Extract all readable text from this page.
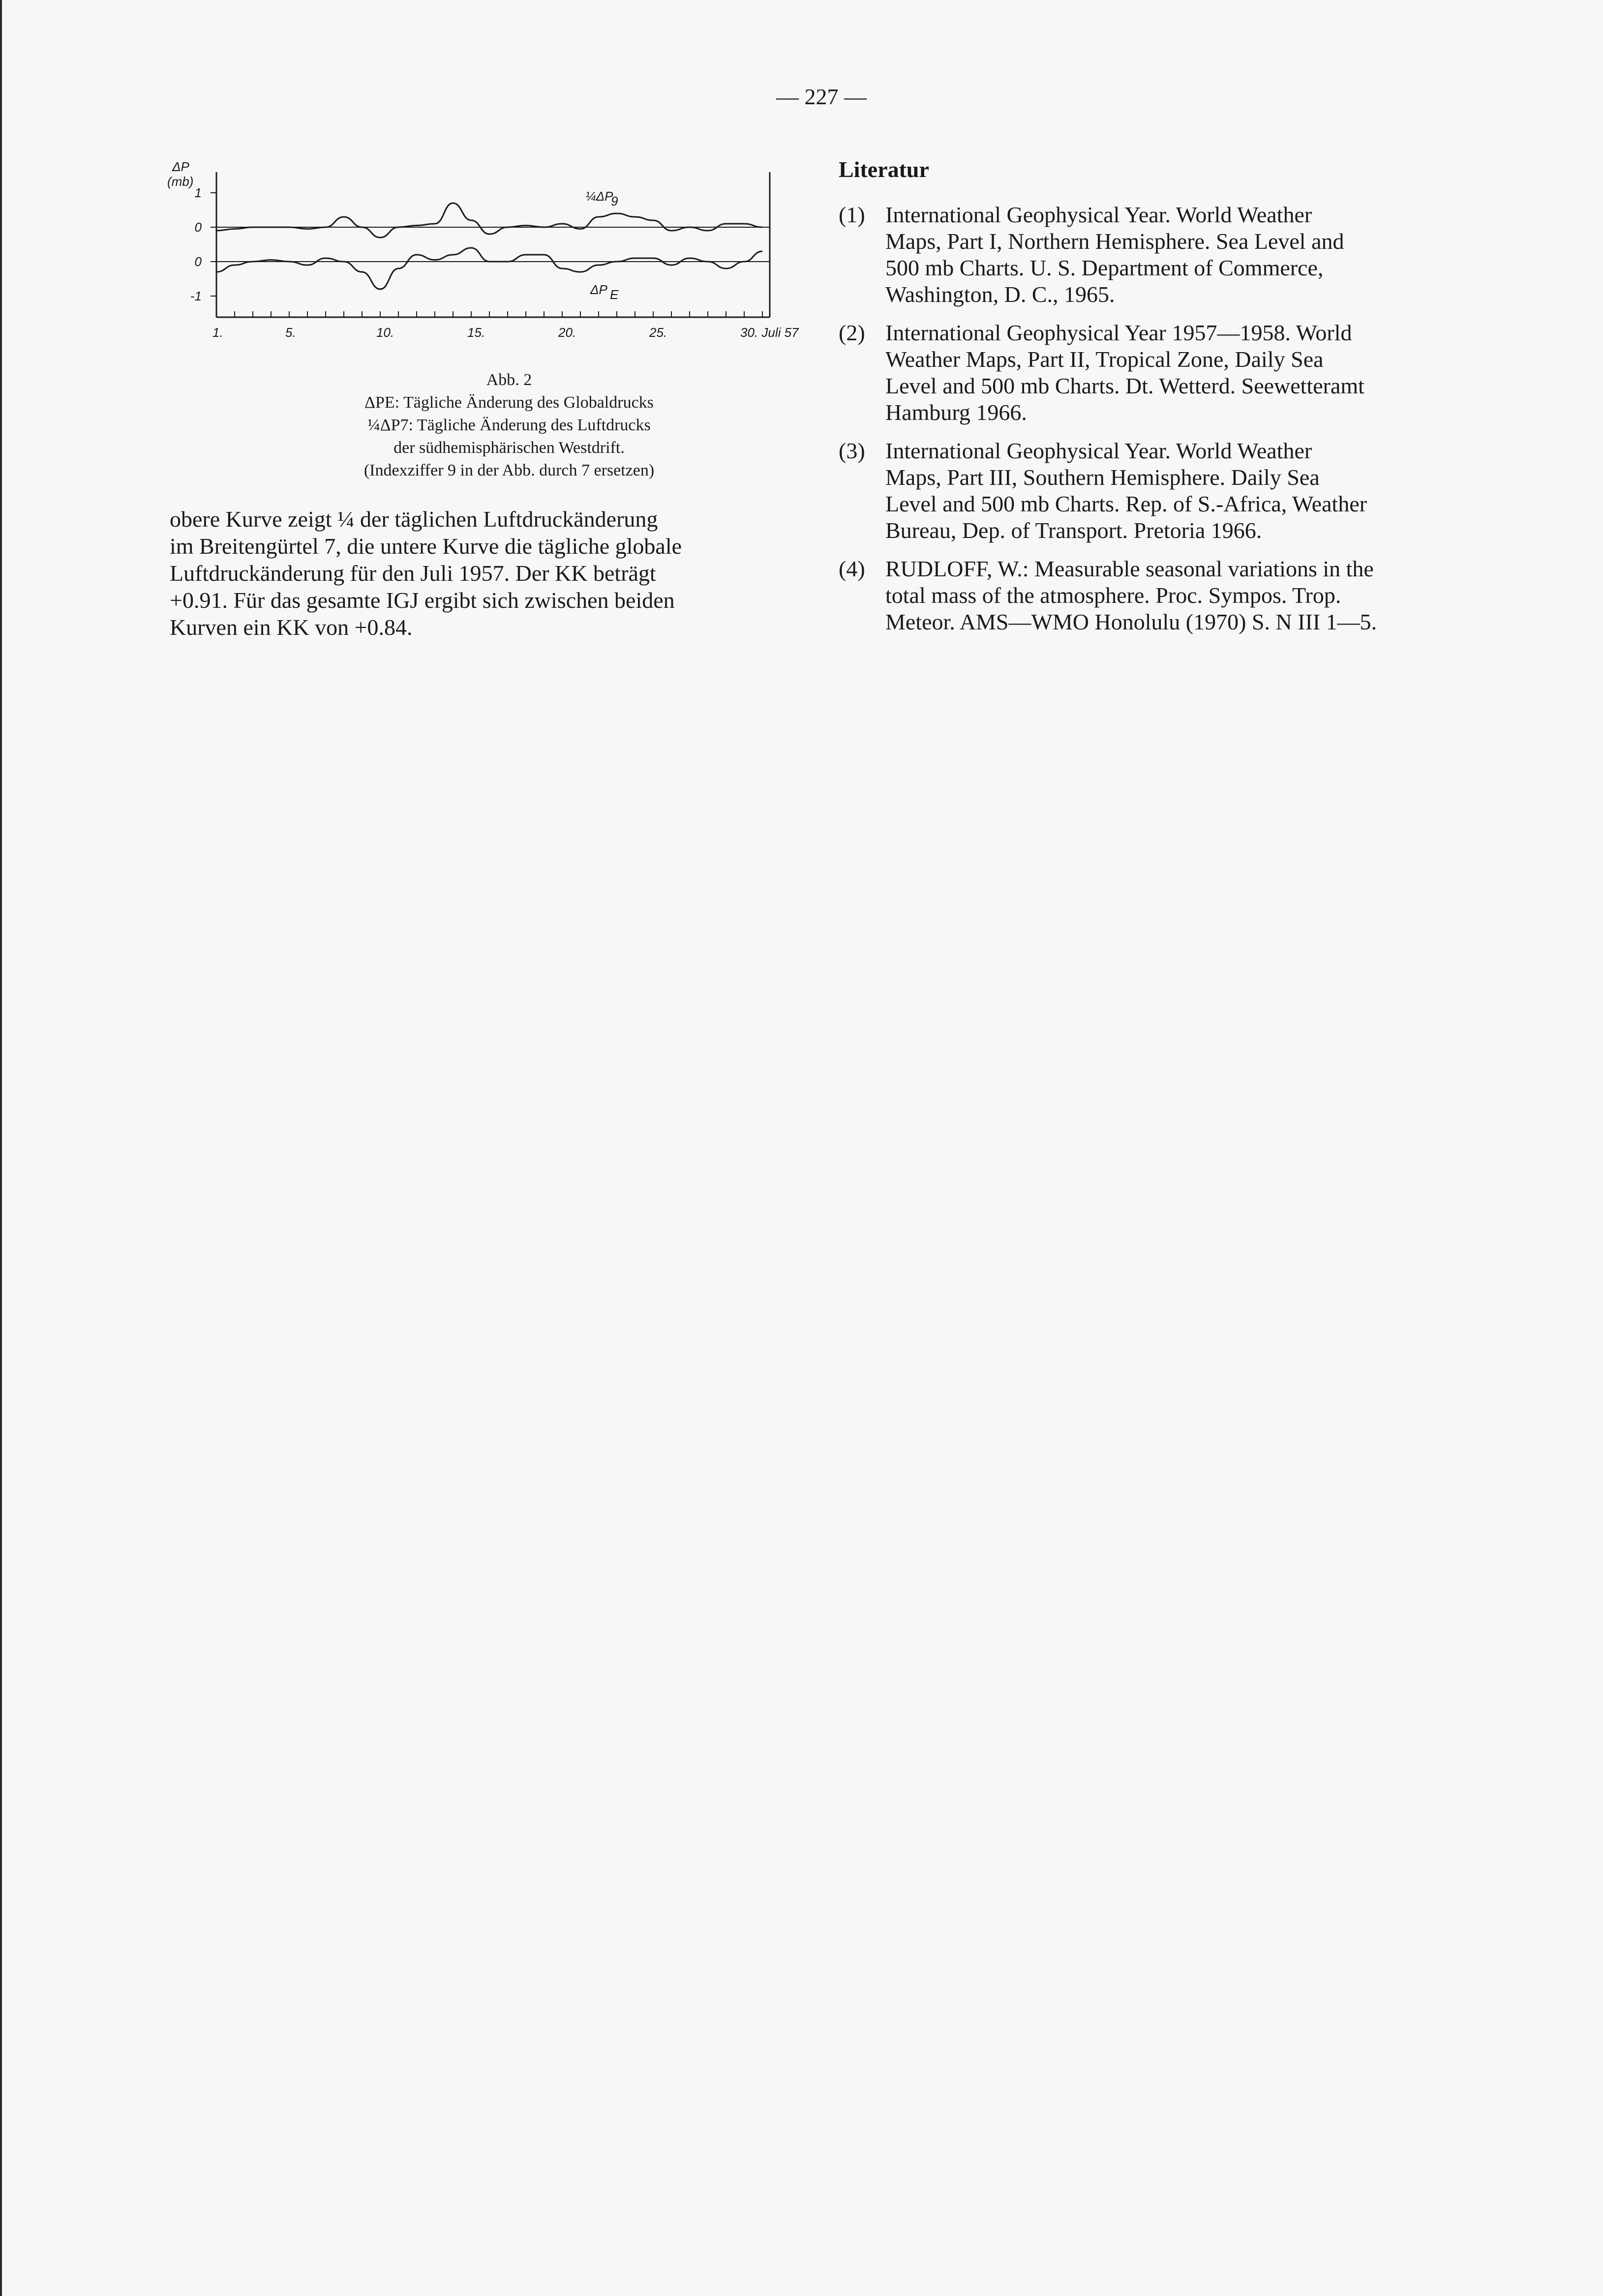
— 227 —
1
0
0
-1
1.	5.	10.	15.	20.	25.	30. Juli 57
ΔP
(mb)
¼ΔP
9
ΔP E
Abb. 2
ΔPE: Tägliche Änderung des Globaldrucks
¼ΔP7: Tägliche Änderung des Luftdrucks
der südhemisphärischen Westdrift.
(Indexziffer 9 in der Abb. durch 7 ersetzen)
obere Kurve zeigt ¼ der täglichen Luftdruckänderung
im Breitengürtel 7, die untere Kurve die tägliche globale
Luftdruckänderung für den Juli 1957. Der KK beträgt
+0.91. Für das gesamte IGJ ergibt sich zwischen beiden
Kurven ein KK von +0.84.
Literatur
(1) International Geophysical Year. World Weather
Maps, Part I, Northern Hemisphere. Sea Level and
500 mb Charts. U. S. Department of Commerce,
Washington, D. C., 1965.
(2) International Geophysical Year 1957—1958. World
Weather Maps, Part II, Tropical Zone, Daily Sea
Level and 500 mb Charts. Dt. Wetterd. Seewetteramt
Hamburg 1966.
(3) International Geophysical Year. World Weather
Maps, Part III, Southern Hemisphere. Daily Sea
Level and 500 mb Charts. Rep. of S.-Africa, Weather
Bureau, Dep. of Transport. Pretoria 1966.
(4) RUDLOFF, W.: Measurable seasonal variations in the
total mass of the atmosphere. Proc. Sympos. Trop.
Meteor. AMS—WMO Honolulu (1970) S. N III 1—5.
